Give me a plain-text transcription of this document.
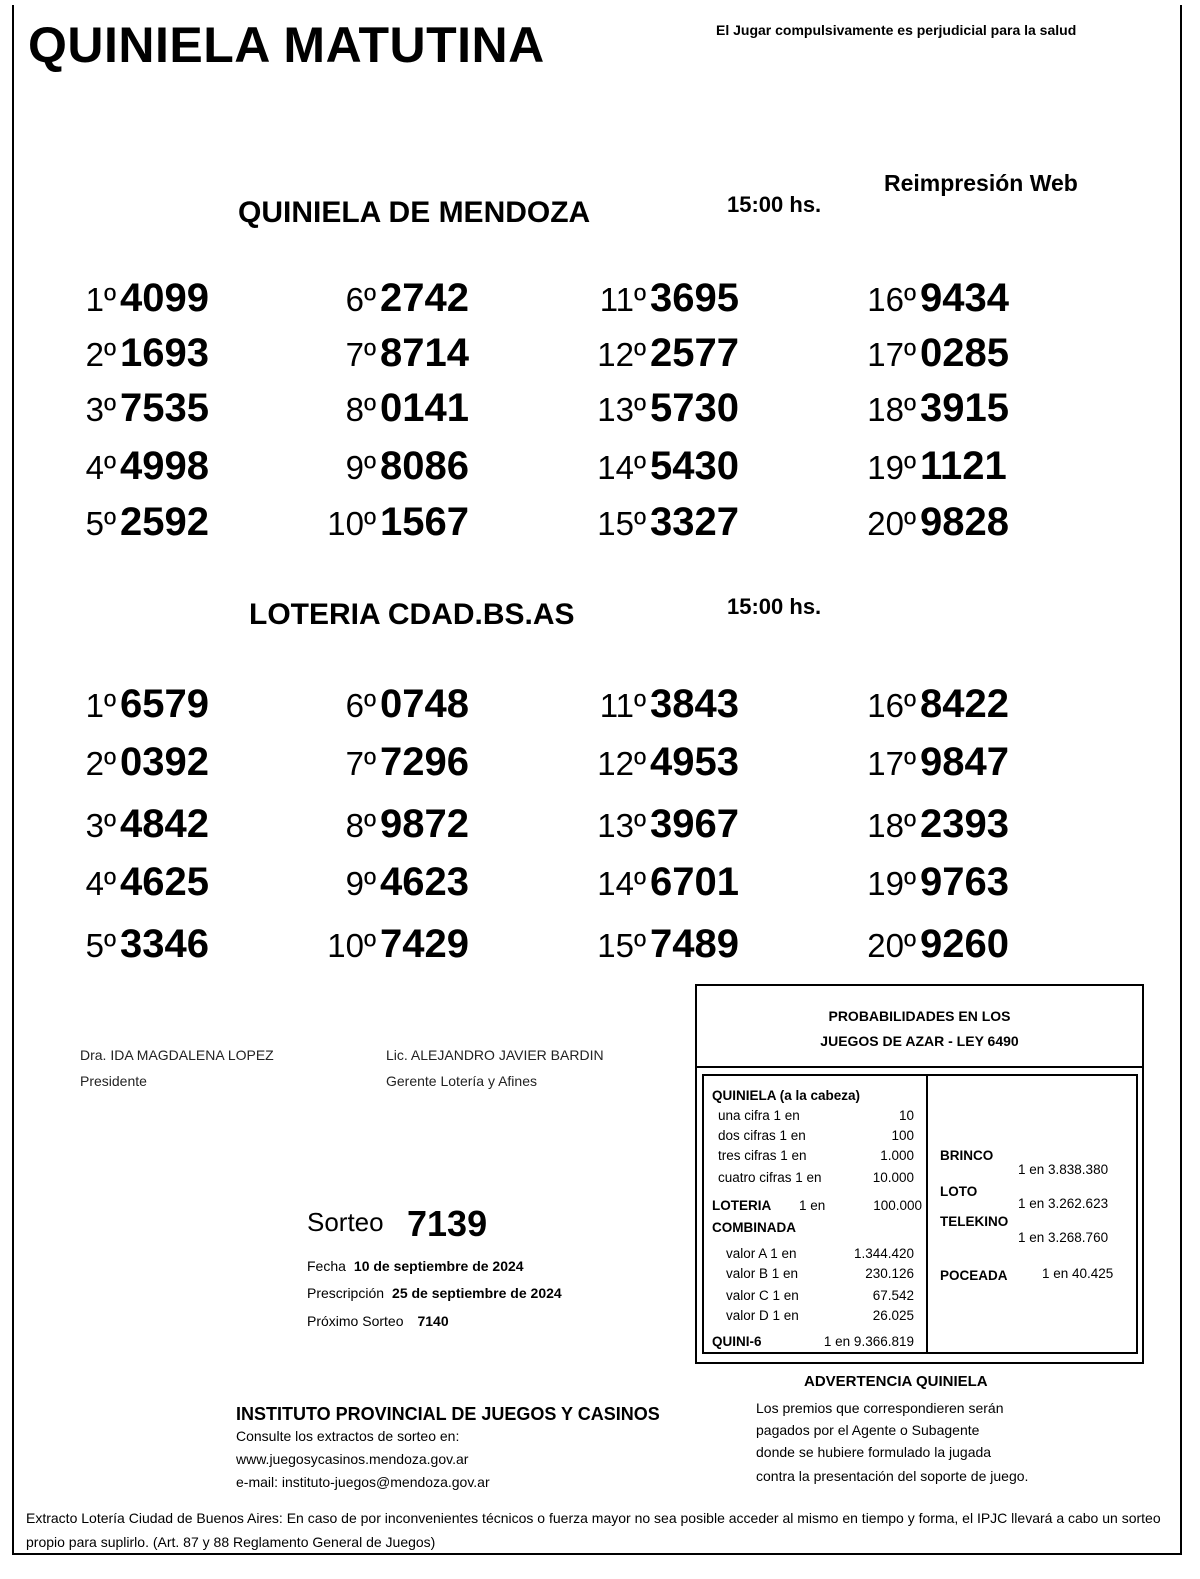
QUINIELA MATUTINA	El Jugar compulsivamente es perjudicial para la salud
Reimpresión Web
QUINIELA DE MENDOZA	15:00 hs.
1º 4099
2º 1693
3º 7535
4º 4998
5º 2592
6º 2742
7º 8714
8º 0141
9º 8086
10º 1567
11º 3695
12º 2577
13º 5730
14º 5430
15º 3327
16º 9434
17º 0285
18º 3915
19º 1121
20º 9828
LOTERIA CDAD.BS.AS	15:00 hs.
1º 6579
2º 0392
3º 4842
4º 4625
5º 3346
6º 0748
7º 7296
8º 9872
9º 4623
10º 7429
11º 3843
12º 4953
13º 3967
14º 6701
15º 7489
16º 8422
17º 9847
18º 2393
19º 9763
20º 9260
Dra. IDA MAGDALENA LOPEZ
Presidente
Lic. ALEJANDRO JAVIER BARDIN
Gerente Lotería y Afines
Sorteo 7139
Fecha 10 de septiembre de 2024
Prescripción 25 de septiembre de 2024
Próximo Sorteo 7140
PROBABILIDADES EN LOS
JUEGOS DE AZAR - LEY 6490
QUINIELA (a la cabeza)
una cifra 1 en	10
dos cifras 1 en	100
tres cifras 1 en	1.000
cuatro cifras 1 en	10.000
LOTERIA 1 en	100.000
COMBINADA
valor A 1 en	1.344.420
valor B 1 en	230.126
valor C 1 en	67.542
valor D 1 en	26.025
QUINI-6	1 en 9.366.819
BRINCO
1 en 3.838.380
LOTO
1 en 3.262.623
TELEKINO
1 en 3.268.760
POCEADA	1 en 40.425
INSTITUTO PROVINCIAL DE JUEGOS Y CASINOS
Consulte los extractos de sorteo en:
www.juegosycasinos.mendoza.gov.ar
e-mail: instituto-juegos@mendoza.gov.ar
ADVERTENCIA QUINIELA
Los premios que correspondieren serán
pagados por el Agente o Subagente
donde se hubiere formulado la jugada
contra la presentación del soporte de juego.
Extracto Lotería Ciudad de Buenos Aires: En caso de por inconvenientes técnicos o fuerza mayor no sea posible acceder al mismo en tiempo y forma, el IPJC llevará a cabo un sorteo propio para suplirlo. (Art. 87 y 88 Reglamento General de Juegos)
